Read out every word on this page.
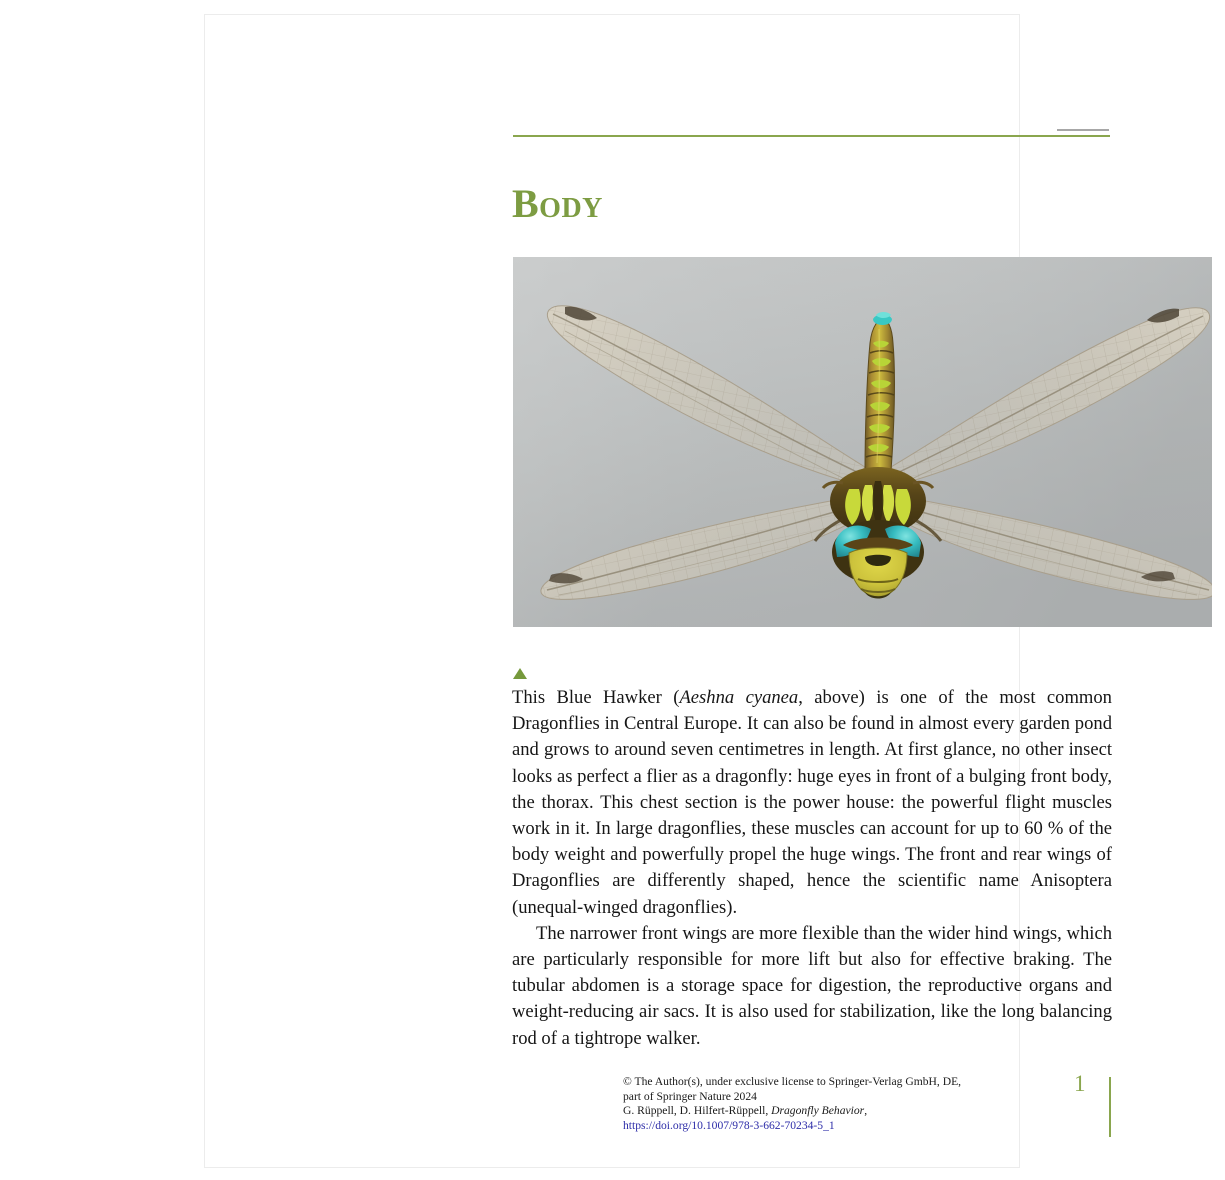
Body

This Blue Hawker (Aeshna cyanea, above) is one of the most common Dragonflies in Central Europe. It can also be found in almost every garden pond and grows to around seven centimetres in length. At first glance, no other insect looks as perfect a flier as a dragonfly: huge eyes in front of a bulging front body, the thorax. This chest section is the power house: the powerful flight muscles work in it. In large dragonflies, these muscles can account for up to 60 % of the body weight and powerfully propel the huge wings. The front and rear wings of Dragonflies are differently shaped, hence the scientific name Anisoptera (unequal-winged dragonflies).

The narrower front wings are more flexible than the wider hind wings, which are particularly responsible for more lift but also for effective braking. The tubular abdomen is a storage space for digestion, the reproductive organs and weight-reducing air sacs. It is also used for stabilization, like the long balancing rod of a tightrope walker.

© The Author(s), under exclusive license to Springer-Verlag GmbH, DE,
part of Springer Nature 2024
G. Rüppell, D. Hilfert-Rüppell, Dragonfly Behavior,
https://doi.org/10.1007/978-3-662-70234-5_1
1
